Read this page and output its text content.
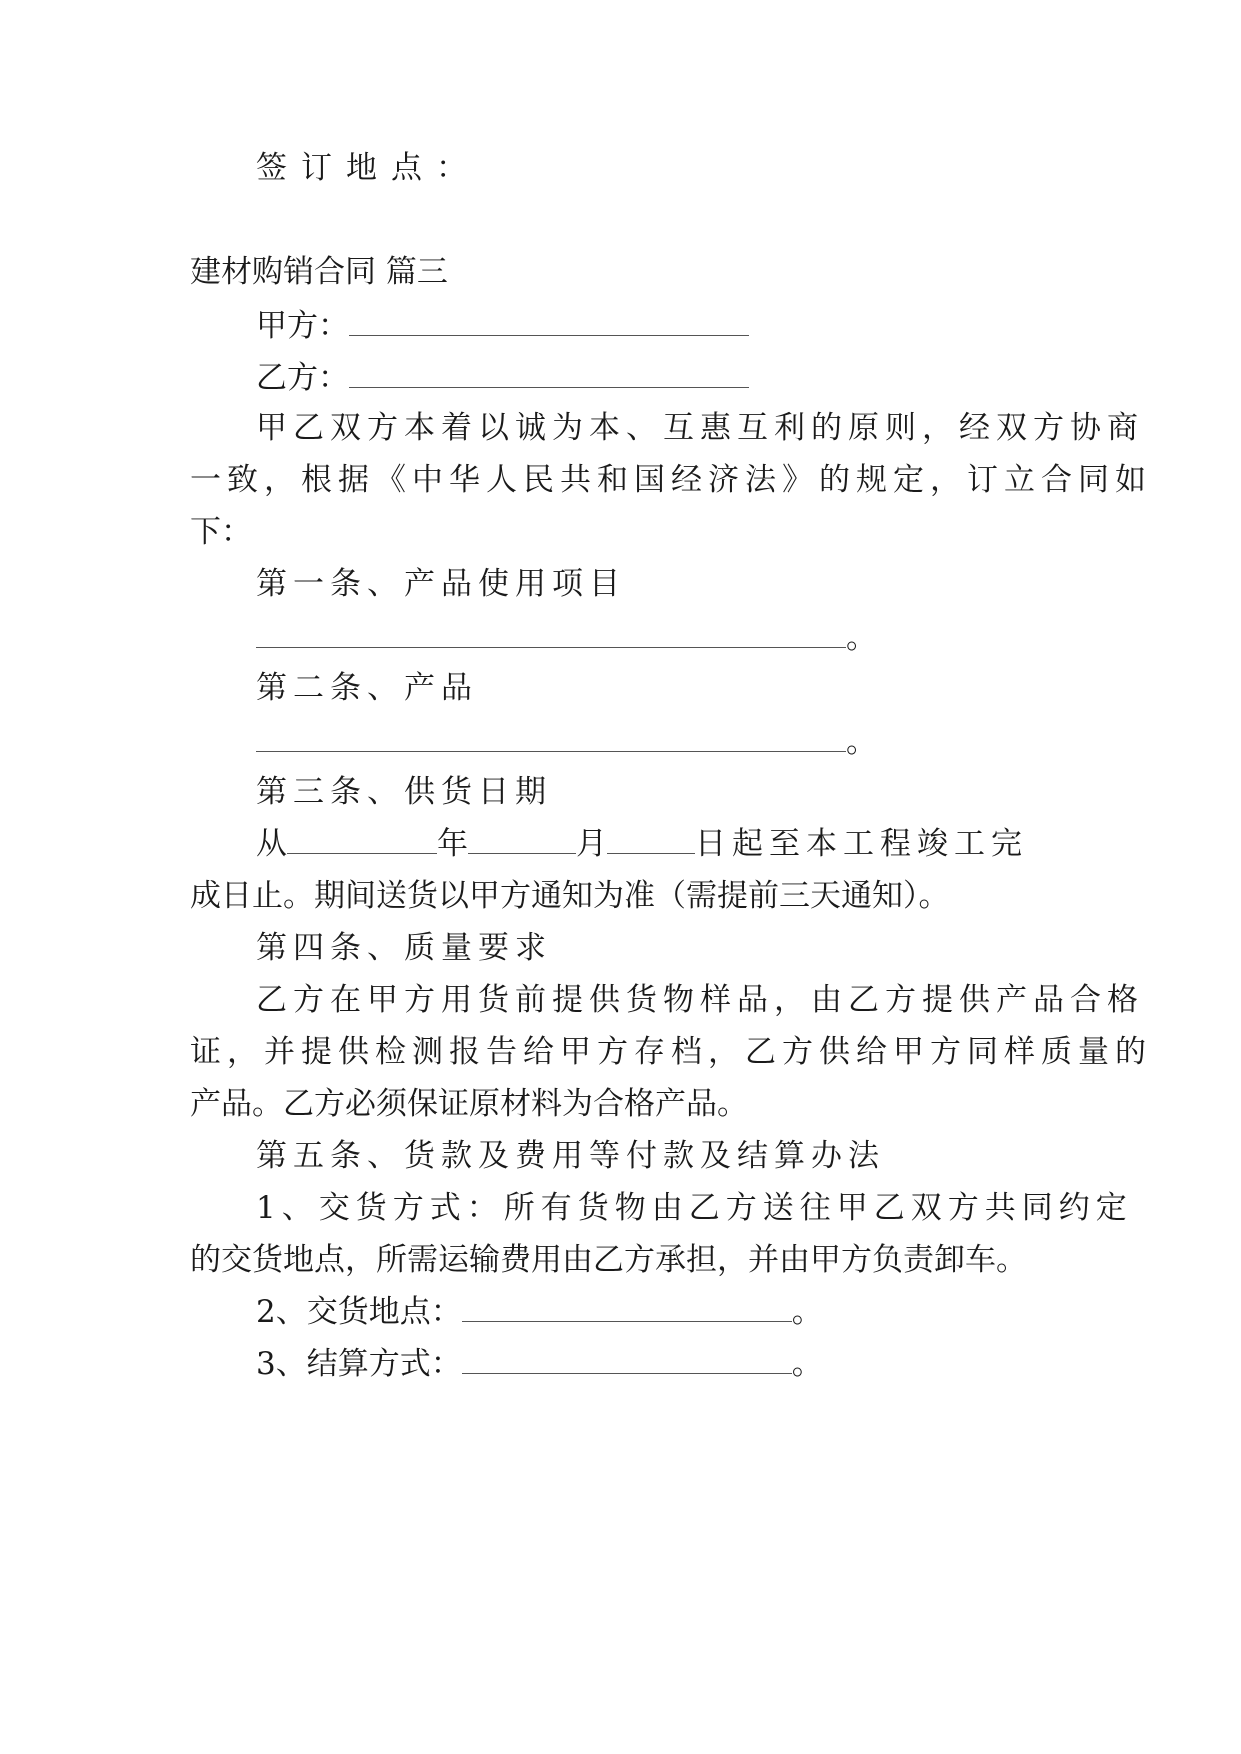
签订地点：
建材购销合同 篇三
甲方：
乙方：
甲乙双方本着以诚为本、互惠互利的原则，经双方协商
一致，根据《中华人民共和国经济法》的规定，订立合同如
下：
第一条、产品使用项目
。
第二条、产品
。
第三条、供货日期
从	年	月	日起至本工程竣工完
成日止。期间送货以甲方通知为准（需提前三天通知）。
第四条、质量要求
乙方在甲方用货前提供货物样品，由乙方提供产品合格
证，并提供检测报告给甲方存档，乙方供给甲方同样质量的
产品。乙方必须保证原材料为合格产品。
第五条、货款及费用等付款及结算办法
1、交货方式：所有货物由乙方送往甲乙双方共同约定
的交货地点，所需运输费用由乙方承担，并由甲方负责卸车。
2、交货地点：	。
3、结算方式：	。
